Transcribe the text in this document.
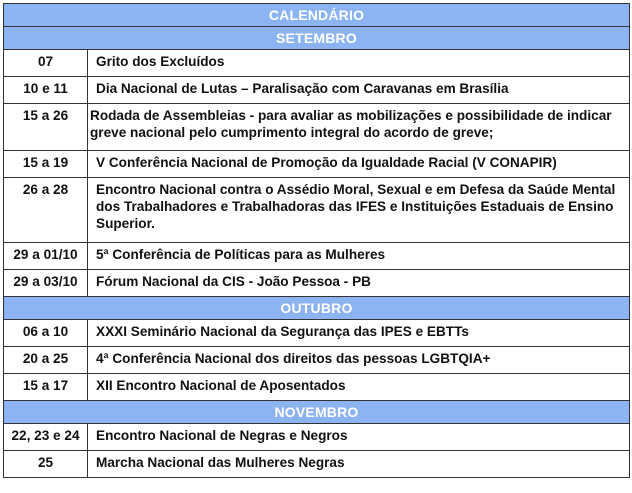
CALENDÁRIO	
SETEMBRO	
07	Grito dos Excluídos
10 e 11	Dia Nacional de Lutas – Paralisação com Caravanas em Brasília
15 a 26	Rodada de Assembleias - para avaliar as mobilizações e possibilidade de indicar greve nacional pelo cumprimento integral do acordo de greve;
15 a 19	V Conferência Nacional de Promoção da Igualdade Racial (V CONAPIR)
26 a 28	Encontro Nacional contra o Assédio Moral, Sexual e em Defesa da Saúde Mental dos Trabalhadores e Trabalhadoras das IFES e Instituições Estaduais de Ensino Superior.
29 a 01/10	5ª Conferência de Políticas para as Mulheres
29 a 03/10	Fórum Nacional da CIS - João Pessoa - PB
OUTUBRO	
06 a 10	XXXI Seminário Nacional da Segurança das IPES e EBTTs
20 a 25	4ª Conferência Nacional dos direitos das pessoas LGBTQIA+
15 a 17	XII Encontro Nacional de Aposentados
NOVEMBRO	
22, 23 e 24	Encontro Nacional de Negras e Negros
25	Marcha Nacional das Mulheres Negras
